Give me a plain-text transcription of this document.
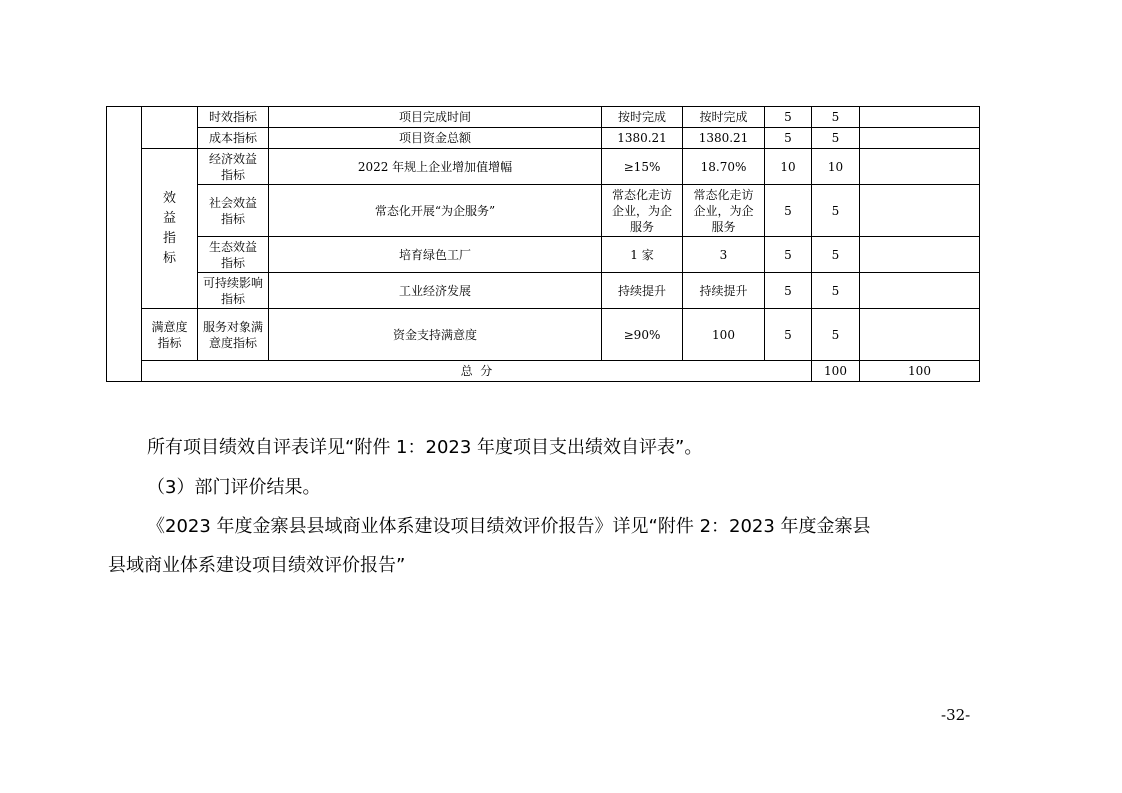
		时效指标	项目完成时间	按时完成	按时完成	5	5		
		成本指标	项目资金总额	1380.21	1380.21	5	5		

	效益指标	经济效益指标	2022 年规上企业增加值增幅	≥15%	18.70%	10	10		

		社会效益指标	常态化开展“为企服务”	常态化走访企业，为企服务	常态化走访企业，为企服务	5	5		

		生态效益指标	培育绿色工厂	1 家	3	5	5		

		可持续影响指标	工业经济发展	持续提升	持续提升	5	5		

	满意度指标	服务对象满意度指标	资金支持满意度	≥90%	100	5	5		
	总  分						100	100	
所有项目绩效自评表详见“附件 1：2023 年度项目支出绩效自评表”。
（3）部门评价结果。
《2023 年度金寨县县域商业体系建设项目绩效评价报告》详见“附件 2：2023 年度金寨县
县域商业体系建设项目绩效评价报告”
-32-
